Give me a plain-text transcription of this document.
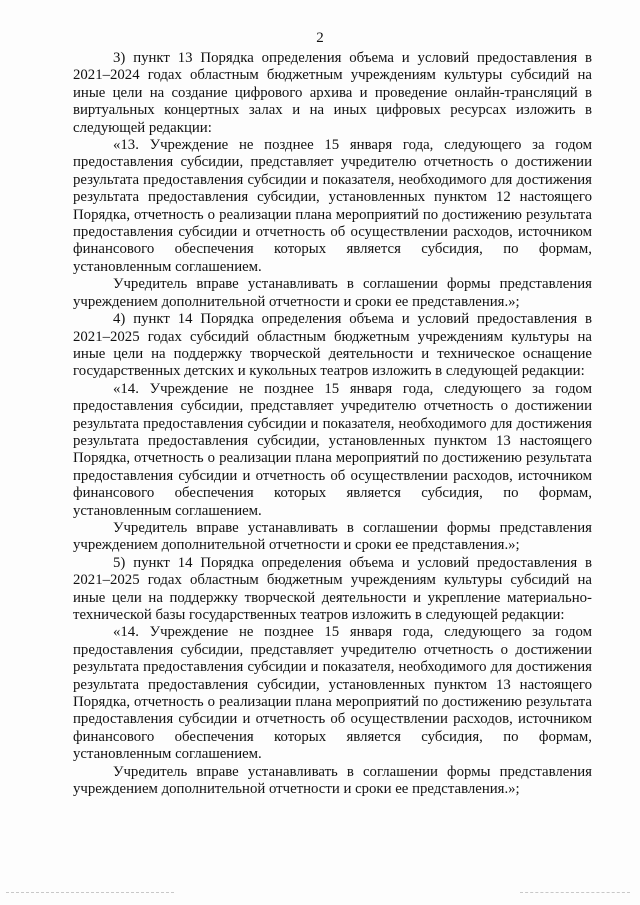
2

3) пункт 13 Порядка определения объема и условий предоставления в 2021–2024 годах областным бюджетным учреждениям культуры субсидий на иные цели на создание цифрового архива и проведение онлайн-трансляций в виртуальных концертных залах и на иных цифровых ресурсах изложить в следующей редакции:

«13. Учреждение не позднее 15 января года, следующего за годом предоставления субсидии, представляет учредителю отчетность о достижении результата предоставления субсидии и показателя, необходимого для достижения результата предоставления субсидии, установленных пунктом 12 настоящего Порядка, отчетность о реализации плана мероприятий по достижению результата предоставления субсидии и отчетность об осуществлении расходов, источником финансового обеспечения которых является субсидия, по формам, установленным соглашением.

Учредитель вправе устанавливать в соглашении формы представления учреждением дополнительной отчетности и сроки ее представления.»;

4) пункт 14 Порядка определения объема и условий предоставления в 2021–2025 годах субсидий областным бюджетным учреждениям культуры на иные цели на поддержку творческой деятельности и техническое оснащение государственных детских и кукольных театров изложить в следующей редакции:

«14. Учреждение не позднее 15 января года, следующего за годом предоставления субсидии, представляет учредителю отчетность о достижении результата предоставления субсидии и показателя, необходимого для достижения результата предоставления субсидии, установленных пунктом 13 настоящего Порядка, отчетность о реализации плана мероприятий по достижению результата предоставления субсидии и отчетность об осуществлении расходов, источником финансового обеспечения которых является субсидия, по формам, установленным соглашением.

Учредитель вправе устанавливать в соглашении формы представления учреждением дополнительной отчетности и сроки ее представления.»;

5) пункт 14 Порядка определения объема и условий предоставления в 2021–2025 годах областным бюджетным учреждениям культуры субсидий на иные цели на поддержку творческой деятельности и укрепление материально-технической базы государственных театров изложить в следующей редакции:

«14. Учреждение не позднее 15 января года, следующего за годом предоставления субсидии, представляет учредителю отчетность о достижении результата предоставления субсидии и показателя, необходимого для достижения результата предоставления субсидии, установленных пунктом 13 настоящего Порядка, отчетность о реализации плана мероприятий по достижению результата предоставления субсидии и отчетность об осуществлении расходов, источником финансового обеспечения которых является субсидия, по формам, установленным соглашением.

Учредитель вправе устанавливать в соглашении формы представления учреждением дополнительной отчетности и сроки ее представления.»;
